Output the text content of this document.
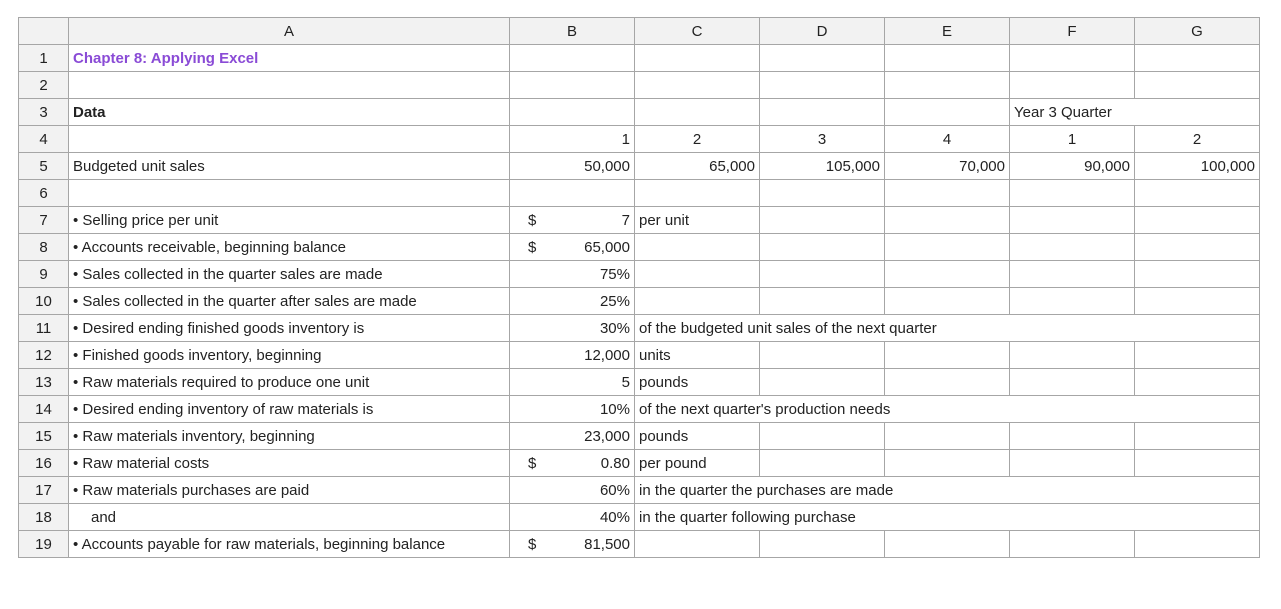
	A	B	C	D	E	F	G
1	Chapter 8: Applying Excel						
2							
3	Data					Year 3 Quarter	
4		1	2	3	4	1	2
5	Budgeted unit sales	50,000	65,000	105,000	70,000	90,000	100,000
6							
7	• Selling price per unit	$ 7	per unit				
8	• Accounts receivable, beginning balance	$ 65,000					
9	• Sales collected in the quarter sales are made	75%					
10	• Sales collected in the quarter after sales are made	25%					
11	• Desired ending finished goods inventory is	30%	of the budgeted unit sales of the next quarter				
12	• Finished goods inventory, beginning	12,000	units				
13	• Raw materials required to produce one unit	5	pounds				
14	• Desired ending inventory of raw materials is	10%	of the next quarter's production needs				
15	• Raw materials inventory, beginning	23,000	pounds				
16	• Raw material costs	$ 0.80	per pound				
17	• Raw materials purchases are paid	60%	in the quarter the purchases are made				
18	and	40%	in the quarter following purchase				
19	• Accounts payable for raw materials, beginning balance	$ 81,500					
